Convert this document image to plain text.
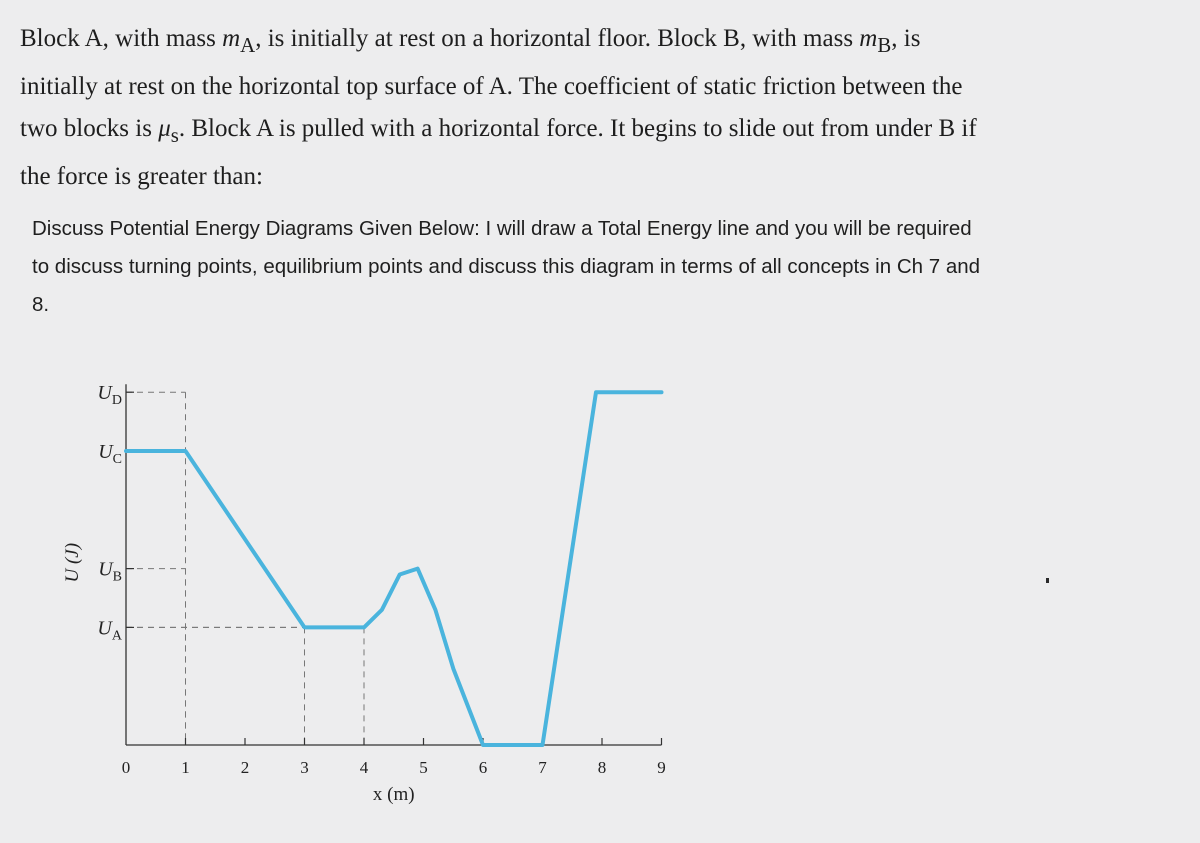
Block A, with mass $m_A$, is initially at rest on a horizontal floor. Block B, with mass $m_B$, is
initially at rest on the horizontal top surface of A. The coefficient of static friction between the
two blocks is $\mu_s$. Block A is pulled with a horizontal force. It begins to slide out from under B if
the force is greater than:

Discuss Potential Energy Diagrams Given Below: I will draw a Total Energy line and you will be required
to discuss turning points, equilibrium points and discuss this diagram in terms of all concepts in Ch 7 and
8.

0	1	2	3	4	5	6	7	8	9
UD
UC
UB
UA
x (m)
U (J)
